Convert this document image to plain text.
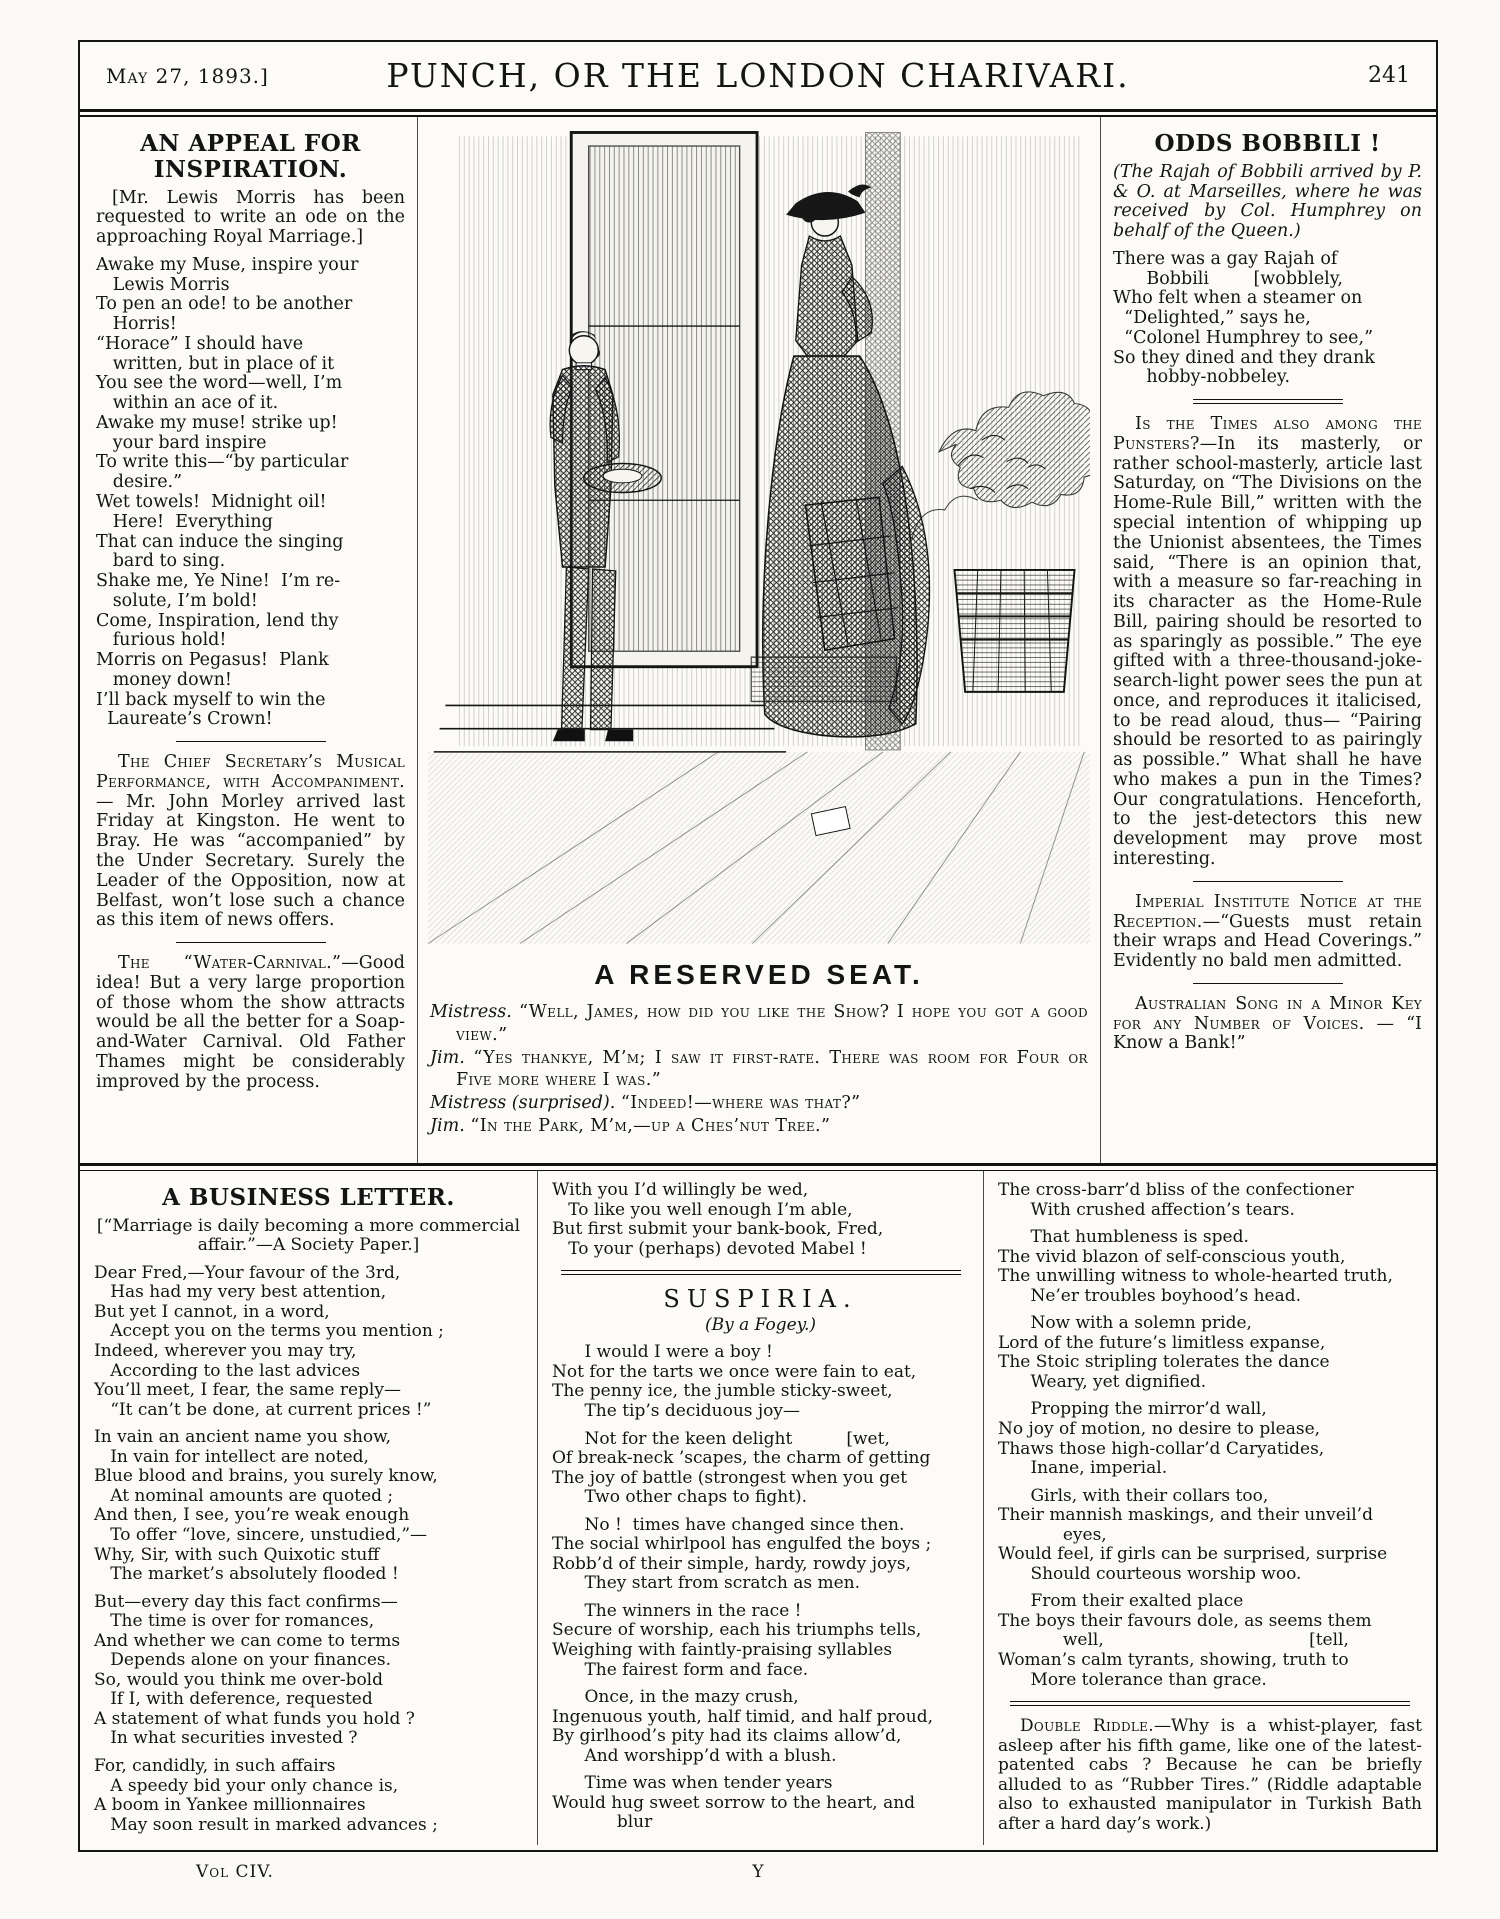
May 27, 1893.]	PUNCH, OR THE LONDON CHARIVARI.	241
AN APPEAL FOR INSPIRATION.
[Mr. Lewis Morris has been requested to write an ode on the approaching Royal Marriage.]
Awake my Muse, inspire your
Lewis Morris
To pen an ode! to be another
Horris!
“Horace” I should have
written, but in place of it
You see the word—well, I’m
within an ace of it.
Awake my muse! strike up!
your bard inspire
To write this—“by particular
desire.”
Wet towels!  Midnight oil!
Here!  Everything
That can induce the singing
bard to sing.
Shake me, Ye Nine!  I’m re-
solute, I’m bold!
Come, Inspiration, lend thy
furious hold!
Morris on Pegasus!  Plank
money down!
I’ll back myself to win the
Laureate’s Crown!

The Chief Secretary’s Musical Performance, with Accompaniment. — Mr. John Morley arrived last Friday at Kingston. He went to Bray. He was “accompanied” by the Under Secretary. Surely the Leader of the Opposition, now at Belfast, won’t lose such a chance as this item of news offers.

The “Water-Carnival.”—Good idea! But a very large proportion of those whom the show attracts would be all the better for a Soap-and-Water Carnival. Old Father Thames might be considerably improved by the process.

A RESERVED SEAT.
Mistress. “Well, James, how did you like the Show? I hope you got a good view.”
Jim. “Yes thankye, M’m; I saw it first-rate. There was room for Four or Five more where I was.”
Mistress (surprised). “Indeed!—where was that?”
Jim. “In the Park, M’m,—up a Ches’nut Tree.”
ODDS BOBBILI !
(The Rajah of Bobbili arrived by P. & O. at Marseilles, where he was received by Col. Humphrey on behalf of the Queen.)
There was a gay Rajah of
Bobbili        [wobblely,
Who felt when a steamer on
“Delighted,” says he,
“Colonel Humphrey to see,”
So they dined and they drank
hobby-nobbeley.

Is the Times also among the Punsters?—In its masterly, or rather school-masterly, article last Saturday, on “The Divisions on the Home-Rule Bill,” written with the special intention of whipping up the Unionist absentees, the Times said, “There is an opinion that, with a measure so far-reaching in its character as the Home-Rule Bill, pairing should be resorted to as sparingly as possible.” The eye gifted with a three-thousand-joke-search-light power sees the pun at once, and reproduces it italicised, to be read aloud, thus— “Pairing should be resorted to as pairingly as possible.” What shall he have who makes a pun in the Times? Our congratulations. Henceforth, to the jest-detectors this new development may prove most interesting.

Imperial Institute Notice at the Reception.—“Guests must retain their wraps and Head Coverings.” Evidently no bald men admitted.

Australian Song in a Minor Key for any Number of Voices. — “I Know a Bank!”

A BUSINESS LETTER.
[“Marriage is daily becoming a more commercial affair.”—A Society Paper.]
Dear Fred,—Your favour of the 3rd,
Has had my very best attention,
But yet I cannot, in a word,
Accept you on the terms you mention ;
Indeed, wherever you may try,
According to the last advices
You’ll meet, I fear, the same reply—
“It can’t be done, at current prices !”
In vain an ancient name you show,
In vain for intellect are noted,
Blue blood and brains, you surely know,
At nominal amounts are quoted ;
And then, I see, you’re weak enough
To offer “love, sincere, unstudied,”—
Why, Sir, with such Quixotic stuff
The market’s absolutely flooded !
But—every day this fact confirms—
The time is over for romances,
And whether we can come to terms
Depends alone on your finances.
So, would you think me over-bold
If I, with deference, requested
A statement of what funds you hold ?
In what securities invested ?
For, candidly, in such affairs
A speedy bid your only chance is,
A boom in Yankee millionnaires
May soon result in marked advances ;
With you I’d willingly be wed,
To like you well enough I’m able,
But first submit your bank-book, Fred,
To your (perhaps) devoted Mabel !
SUSPIRIA.
(By a Fogey.)
I would I were a boy !
Not for the tarts we once were fain to eat,
The penny ice, the jumble sticky-sweet,
The tip’s deciduous joy—
Not for the keen delight          [wet,
Of break-neck ’scapes, the charm of getting
The joy of battle (strongest when you get
Two other chaps to fight).
No !  times have changed since then.
The social whirlpool has engulfed the boys ;
Robb’d of their simple, hardy, rowdy joys,
They start from scratch as men.
The winners in the race !
Secure of worship, each his triumphs tells,
Weighing with faintly-praising syllables
The fairest form and face.
Once, in the mazy crush,
Ingenuous youth, half timid, and half proud,
By girlhood’s pity had its claims allow’d,
And worshipp’d with a blush.
Time was when tender years
Would hug sweet sorrow to the heart, and
blur
The cross-barr’d bliss of the confectioner
With crushed affection’s tears.
That humbleness is sped.
The vivid blazon of self-conscious youth,
The unwilling witness to whole-hearted truth,
Ne’er troubles boyhood’s head.
Now with a solemn pride,
Lord of the future’s limitless expanse,
The Stoic stripling tolerates the dance
Weary, yet dignified.
Propping the mirror’d wall,
No joy of motion, no desire to please,
Thaws those high-collar’d Caryatides,
Inane, imperial.
Girls, with their collars too,
Their mannish maskings, and their unveil’d
eyes,
Would feel, if girls can be surprised, surprise
Should courteous worship woo.
From their exalted place
The boys their favours dole, as seems them
well,                                      [tell,
Woman’s calm tyrants, showing, truth to
More tolerance than grace.

Double Riddle.—Why is a whist-player, fast asleep after his fifth game, like one of the latest-patented cabs ? Because he can be briefly alluded to as “Rubber Tires.” (Riddle adaptable also to exhausted manipulator in Turkish Bath after a hard day’s work.)

Vol CIV.	Y
